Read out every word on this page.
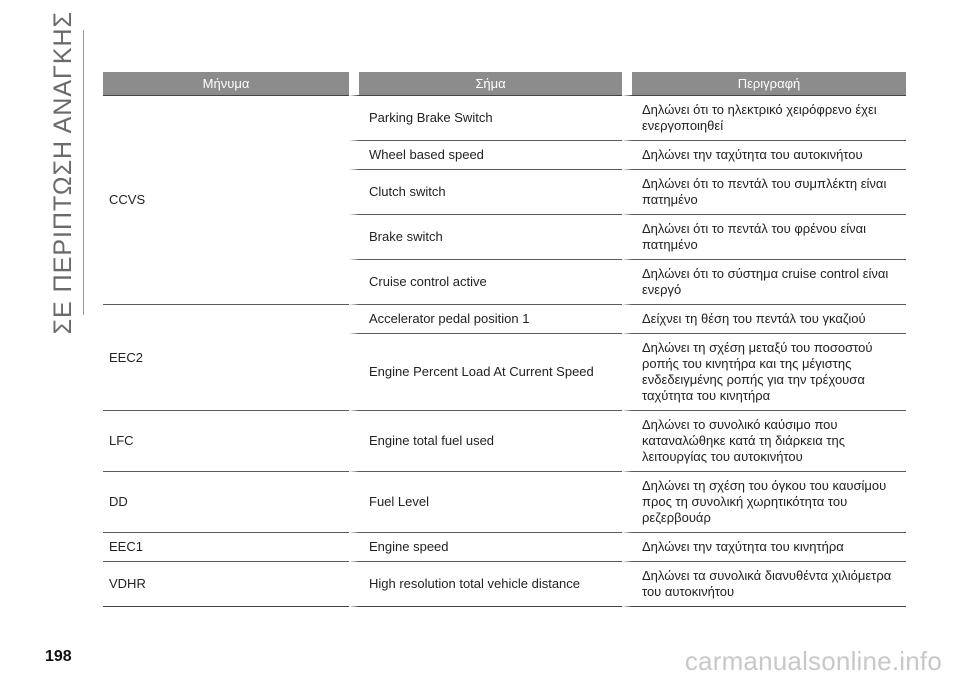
ΣΕ ΠΕΡΙΠΤΩΣΗ ΑΝΑΓΚΗΣ	Μήνυμα	Σήμα	Περιγραφή
CCVS	Parking Brake Switch	Δηλώνει ότι το ηλεκτρικό χειρόφρενο έχει ενεργοποιηθεί
	Wheel based speed	Δηλώνει την ταχύτητα του αυτοκινήτου
	Clutch switch	Δηλώνει ότι το πεντάλ του συμπλέκτη είναι πατημένο
	Brake switch	Δηλώνει ότι το πεντάλ του φρένου είναι πατημένο
	Cruise control active	Δηλώνει ότι το σύστημα cruise control είναι ενεργό
EEC2	Accelerator pedal position 1	Δείχνει τη θέση του πεντάλ του γκαζιού
	Engine Percent Load At Current Speed	Δηλώνει τη σχέση μεταξύ του ποσοστού ροπής του κινητήρα και της μέγιστης ενδεδειγμένης ροπής για την τρέχουσα ταχύτητα του κινητήρα
LFC	Engine total fuel used	Δηλώνει το συνολικό καύσιμο που καταναλώθηκε κατά τη διάρκεια της λειτουργίας του αυτοκινήτου
DD	Fuel Level	Δηλώνει τη σχέση του όγκου του καυσίμου προς τη συνολική χωρητικότητα του ρεζερβουάρ
EEC1	Engine speed	Δηλώνει την ταχύτητα του κινητήρα
VDHR	High resolution total vehicle distance	Δηλώνει τα συνολικά διανυθέντα χιλιόμετρα του αυτοκινήτου
198	carmanualsonline.info
